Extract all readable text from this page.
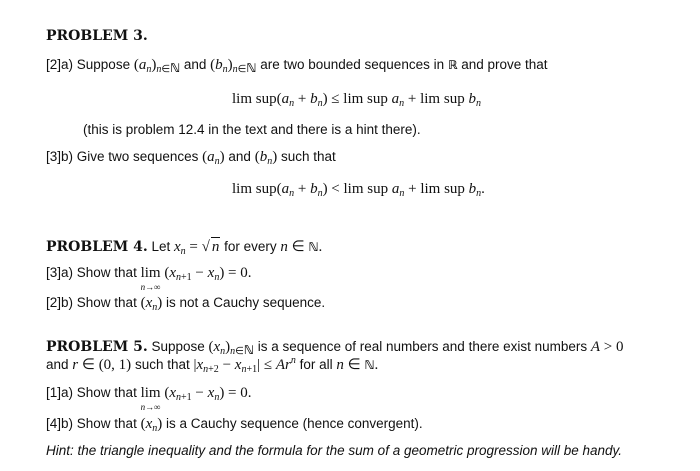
PROBLEM 3.
[2]a) Suppose $(a_n)_{n\in ℕ}$ and $(b_n)_{n\in ℕ}$ are two bounded sequences in ℝ and prove that
$\lim sup(a_n + b_n) \le \lim$ sup $a_n + \lim$ sup $b_n$
(this is problem 12.4 in the text and there is a hint there).
[3]b) Give two sequences $(a_n)$ and $(b_n)$ such that
$\lim sup(a_n + b_n) < \lim$ sup $a_n + \lim$ sup $b_n$.
PROBLEM 4. Let $x_n$ = √ n for every n ∈ ℕ.
[3]a) Show that lim
n→∞
$(x_{n+1} - x_n) = 0$.
[2]b) Show that $(x_n)$ is not a Cauchy sequence.
PROBLEM 5. Suppose $(x_n)_{n\in ℕ}$ is a sequence of real numbers and there exist numbers A > 0
and r ∈ (0, 1) such that $|x_{n+2} - x_{n+1}| \le Ar^n$ for all n ∈ ℕ.
[1]a) Show that lim
n→∞
$(x_{n+1} - x_n) = 0$.
[4]b) Show that $(x_n)$ is a Cauchy sequence (hence convergent).
Hint: the triangle inequality and the formula for the sum of a geometric progression will be handy.
